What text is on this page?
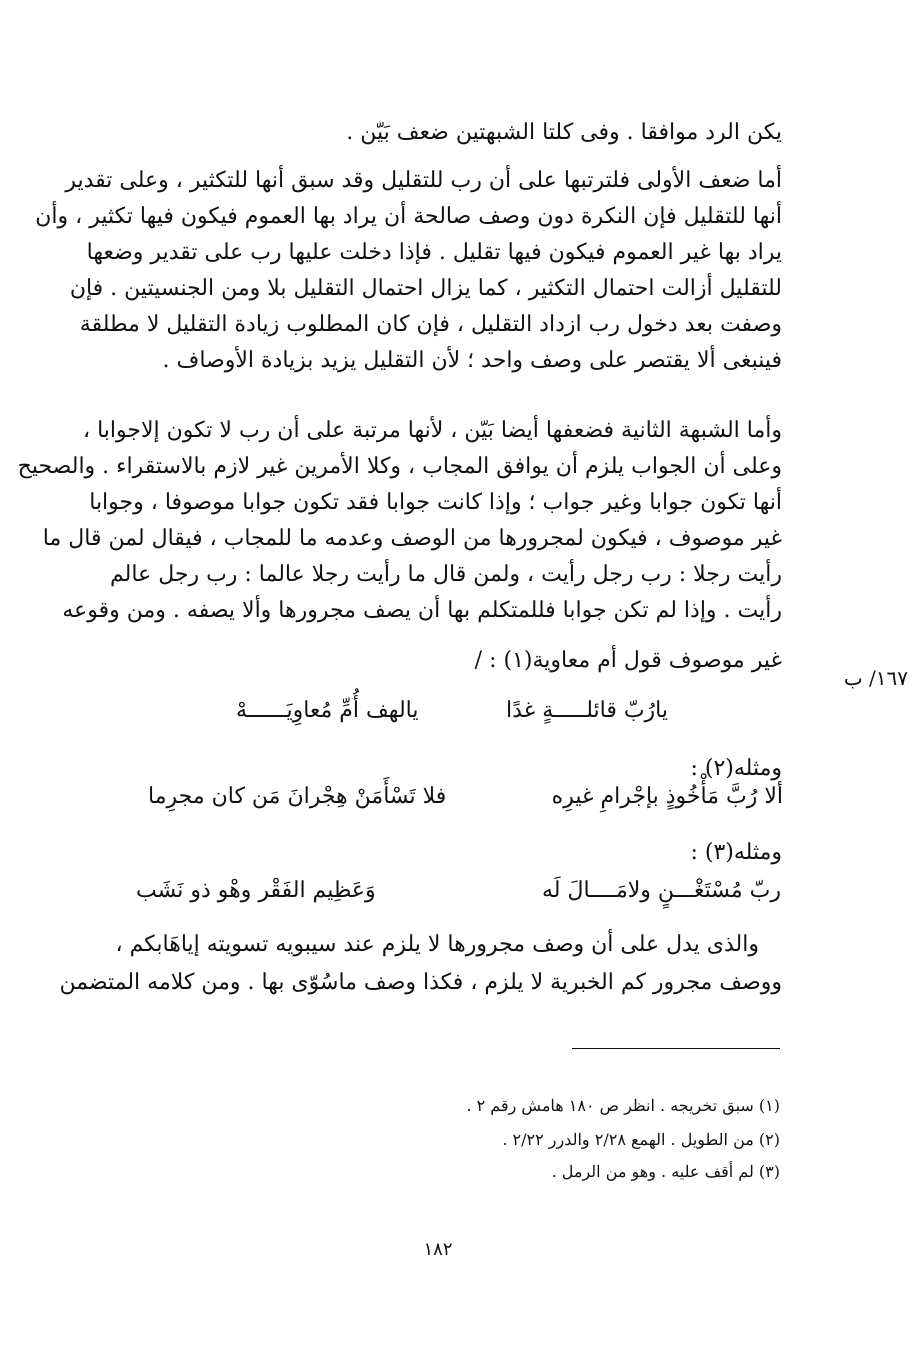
يكن الرد موافقا . وفى كلتا الشبهتين ضعف بَيّن .
أما ضعف الأولى فلترتبها على أن رب للتقليل وقد سبق أنها للتكثير ، وعلى تقدير
أنها للتقليل فإن النكرة دون وصف صالحة أن يراد بها العموم فيكون فيها تكثير ، وأن
يراد بها غير العموم فيكون فيها تقليل . فإذا دخلت عليها رب على تقدير وضعها
للتقليل أزالت احتمال التكثير ، كما يزال احتمال التقليل بلا ومن الجنسيتين . فإن
وصفت بعد دخول رب ازداد التقليل ، فإن كان المطلوب زيادة التقليل لا مطلقة
فينبغى ألا يقتصر على وصف واحد ؛ لأن التقليل يزيد بزيادة الأوصاف .
وأما الشبهة الثانية فضعفها أيضا بَيّن ، لأنها مرتبة على أن رب لا تكون إلاجوابا ،
وعلى أن الجواب يلزم أن يوافق المجاب ، وكلا الأمرين غير لازم بالاستقراء . والصحيح
أنها تكون جوابا وغير جواب ؛ وإذا كانت جوابا فقد تكون جوابا موصوفا ، وجوابا
غير موصوف ، فيكون لمجرورها من الوصف وعدمه ما للمجاب ، فيقال لمن قال ما
رأيت رجلا : رب رجل رأيت ، ولمن قال ما رأيت رجلا عالما : رب رجل عالم
رأيت . وإذا لم تكن جوابا فللمتكلم بها أن يصف مجرورها وألا يصفه . ومن وقوعه
غير موصوف قول أم معاوية(١) : /
١٦٧/ ب
يارُبّ قائلـــــةٍ غدًا
يالهف أُمِّ مُعاوِيَــــــهْ
ومثله(٢) :
ألا رُبَّ مَأْخُوذٍ بإجْرامِ غيرِه
فلا تَسْأَمَنْ هِجْرانَ مَن كان مجرِما
ومثله(٣) :
ربّ مُسْتَغْـــنٍ ولامَــــالَ لَه
وَعَظِيم الفَقْر وهْو ذو نَشَب
والذى يدل على أن وصف مجرورها لا يلزم عند سيبويه تسويته إياهَابكم ،
ووصف مجرور كم الخبرية لا يلزم ، فكذا وصف ماسُوّى بها . ومن كلامه المتضمن
(١) سبق تخريجه . انظر ص ١٨٠ هامش رقم ٢ .
(٢) من الطويل . الهمع ٢/٢٨ والدرر ٢/٢٢ .
(٣) لم أقف عليه . وهو من الرمل .
١٨٢
